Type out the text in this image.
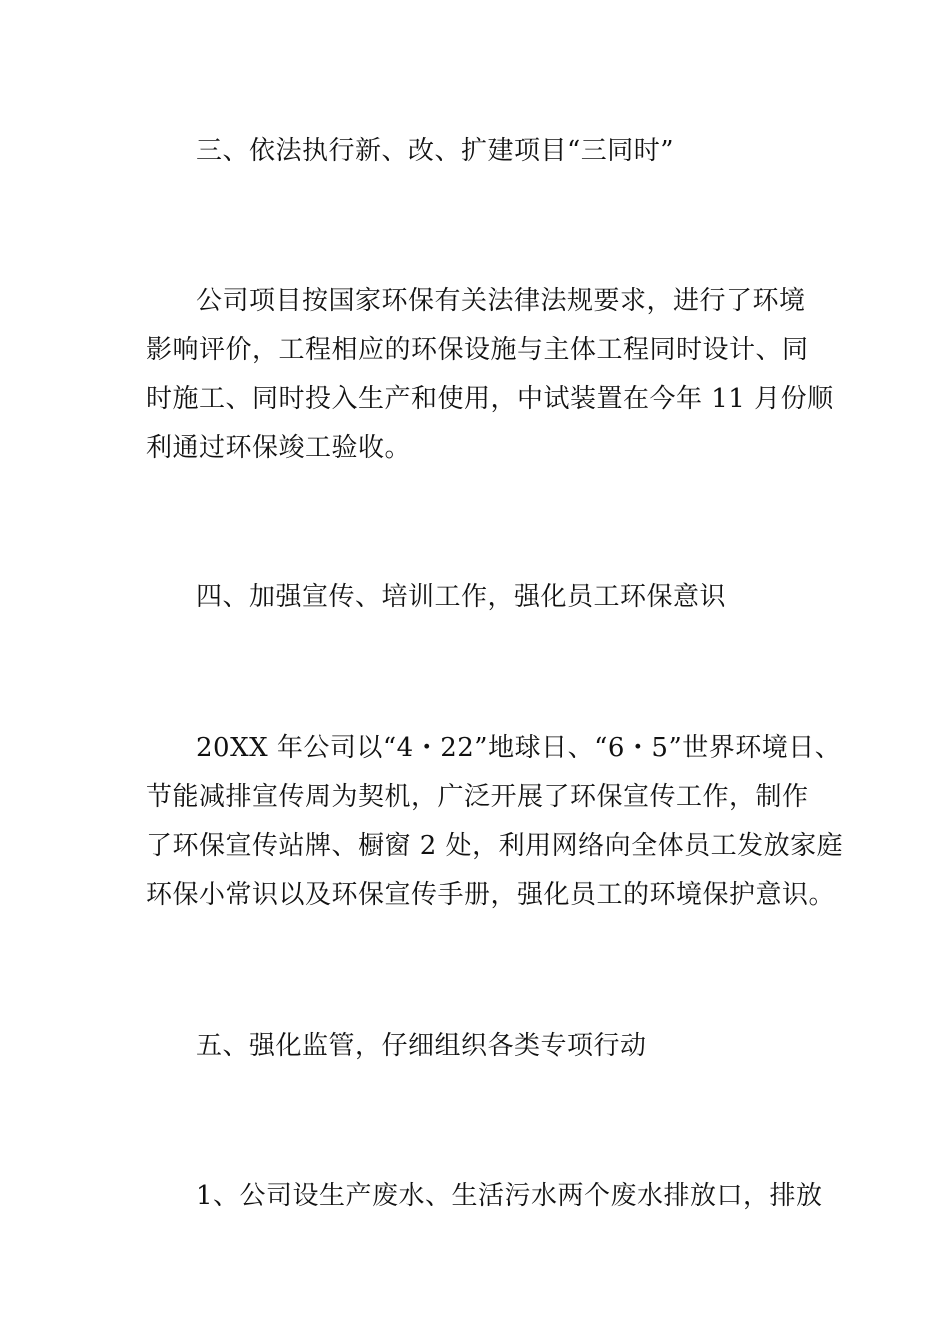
三、依法执行新、改、扩建项目“三同时”
公司项目按国家环保有关法律法规要求，进行了环境
影响评价，工程相应的环保设施与主体工程同时设计、同
时施工、同时投入生产和使用，中试装置在今年 11 月份顺
利通过环保竣工验收。
四、加强宣传、培训工作，强化员工环保意识
20XX 年公司以“4・22”地球日、“6・5”世界环境日、
节能减排宣传周为契机，广泛开展了环保宣传工作，制作
了环保宣传站牌、橱窗 2 处，利用网络向全体员工发放家庭
环保小常识以及环保宣传手册，强化员工的环境保护意识。
五、强化监管，仔细组织各类专项行动
1、公司设生产废水、生活污水两个废水排放口，排放
